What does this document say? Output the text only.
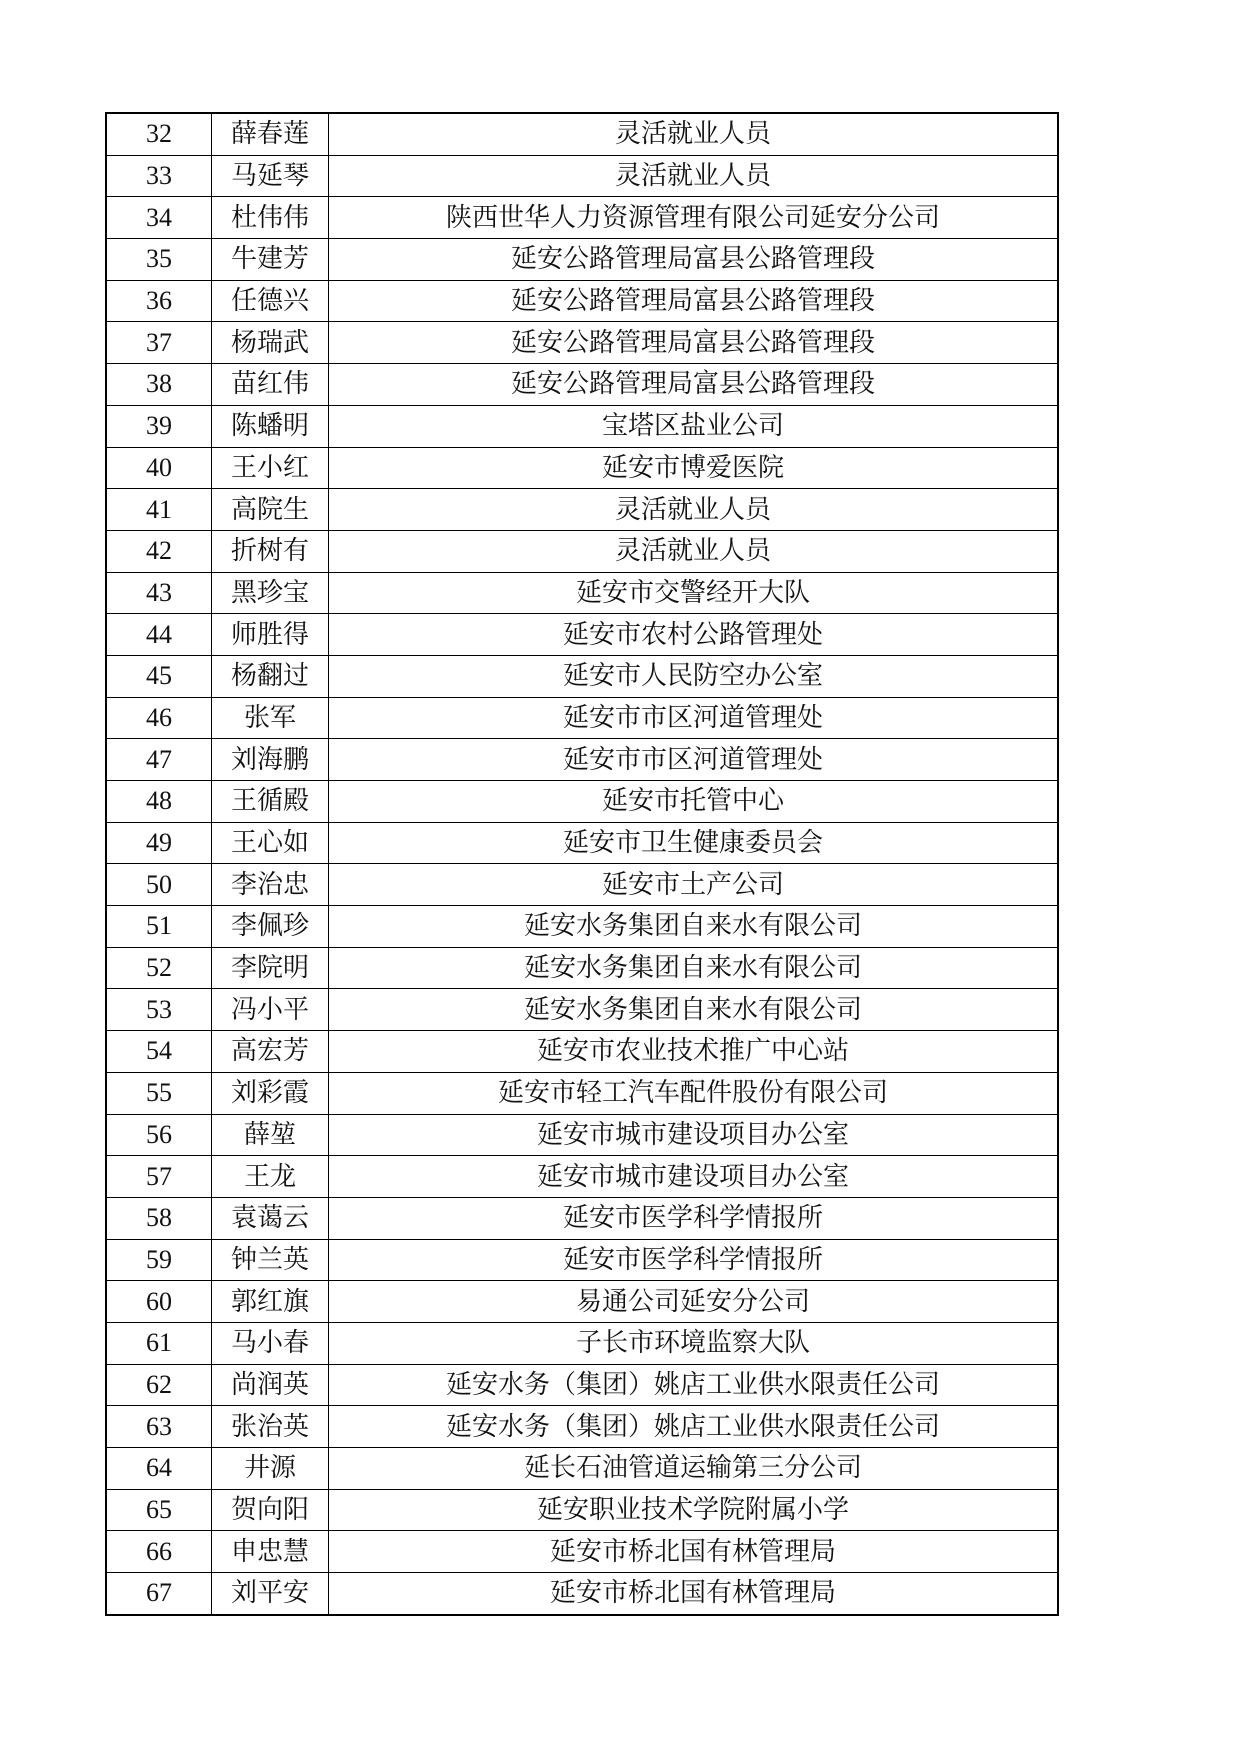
32	薛春莲	灵活就业人员
33	马延琴	灵活就业人员
34	杜伟伟	陕西世华人力资源管理有限公司延安分公司
35	牛建芳	延安公路管理局富县公路管理段
36	任德兴	延安公路管理局富县公路管理段
37	杨瑞武	延安公路管理局富县公路管理段
38	苗红伟	延安公路管理局富县公路管理段
39	陈蟠明	宝塔区盐业公司
40	王小红	延安市博爱医院
41	高院生	灵活就业人员
42	折树有	灵活就业人员
43	黑珍宝	延安市交警经开大队
44	师胜得	延安市农村公路管理处
45	杨翻过	延安市人民防空办公室
46	张军	延安市市区河道管理处
47	刘海鹏	延安市市区河道管理处
48	王循殿	延安市托管中心
49	王心如	延安市卫生健康委员会
50	李治忠	延安市土产公司
51	李佩珍	延安水务集团自来水有限公司
52	李院明	延安水务集团自来水有限公司
53	冯小平	延安水务集团自来水有限公司
54	高宏芳	延安市农业技术推广中心站
55	刘彩霞	延安市轻工汽车配件股份有限公司
56	薛堃	延安市城市建设项目办公室
57	王龙	延安市城市建设项目办公室
58	袁蔼云	延安市医学科学情报所
59	钟兰英	延安市医学科学情报所
60	郭红旗	易通公司延安分公司
61	马小春	子长市环境监察大队
62	尚润英	延安水务（集团）姚店工业供水限责任公司
63	张治英	延安水务（集团）姚店工业供水限责任公司
64	井源	延长石油管道运输第三分公司
65	贺向阳	延安职业技术学院附属小学
66	申忠慧	延安市桥北国有林管理局
67	刘平安	延安市桥北国有林管理局
